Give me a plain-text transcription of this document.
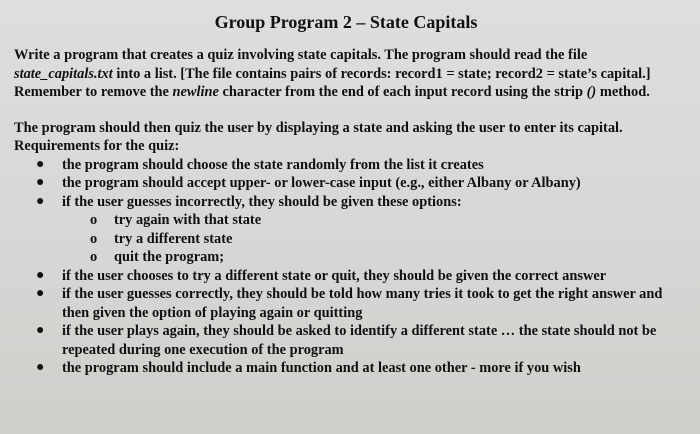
Group Program 2 – State Capitals

Write a program that creates a quiz involving state capitals. The program should read the file state_capitals.txt into a list. [The file contains pairs of records: record1 = state; record2 = state’s capital.] Remember to remove the newline character from the end of each input record using the strip () method.

The program should then quiz the user by displaying a state and asking the user to enter its capital. Requirements for the quiz:

● the program should choose the state randomly from the list it creates
● the program should accept upper- or lower-case input (e.g., either Albany or Albany)
● if the user guesses incorrectly, they should be given these options:
o try again with that state
o try a different state
o quit the program;
● if the user chooses to try a different state or quit, they should be given the correct answer
● if the user guesses correctly, they should be told how many tries it took to get the right answer and then given the option of playing again or quitting
● if the user plays again, they should be asked to identify a different state … the state should not be repeated during one execution of the program
● the program should include a main function and at least one other - more if you wish
